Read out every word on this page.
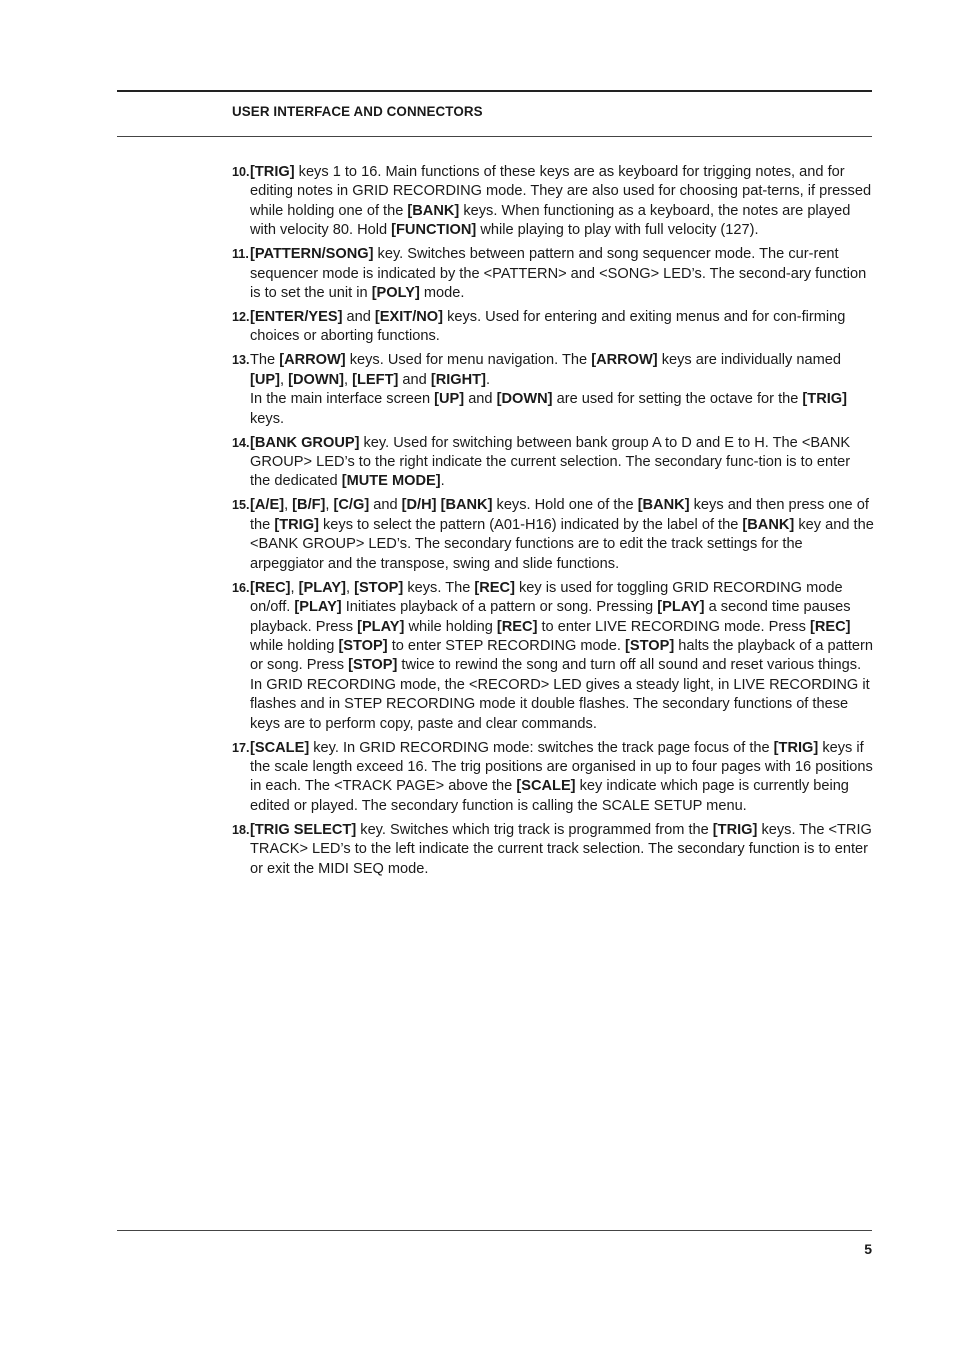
USER INTERFACE AND CONNECTORS
10. [TRIG] keys 1 to 16. Main functions of these keys are as keyboard for trigging notes, and for editing notes in GRID RECORDING mode. They are also used for choosing pat-terns, if pressed while holding one of the [BANK] keys. When functioning as a keyboard, the notes are played with velocity 80. Hold [FUNCTION] while playing to play with full velocity (127).
11. [PATTERN/SONG] key. Switches between pattern and song sequencer mode. The cur-rent sequencer mode is indicated by the <PATTERN> and <SONG> LED’s. The second-ary function is to set the unit in [POLY] mode.
12. [ENTER/YES] and [EXIT/NO] keys. Used for entering and exiting menus and for con-firming choices or aborting functions.
13. The [ARROW] keys. Used for menu navigation. The [ARROW] keys are individually named [UP], [DOWN], [LEFT] and [RIGHT].
In the main interface screen [UP] and [DOWN] are used for setting the octave for the [TRIG] keys.
14. [BANK GROUP] key. Used for switching between bank group A to D and E to H. The <BANK GROUP> LED’s to the right indicate the current selection. The secondary func-tion is to enter the dedicated [MUTE MODE].
15. [A/E], [B/F], [C/G] and [D/H] [BANK] keys. Hold one of the [BANK] keys and then press one of the [TRIG] keys to select the pattern (A01-H16) indicated by the label of the [BANK] key and the <BANK GROUP> LED’s. The secondary functions are to edit the track settings for the arpeggiator and the transpose, swing and slide functions.
16. [REC], [PLAY], [STOP] keys. The [REC] key is used for toggling GRID RECORDING mode on/off. [PLAY] Initiates playback of a pattern or song. Pressing [PLAY] a second time pauses playback. Press [PLAY] while holding [REC] to enter LIVE RECORDING mode. Press [REC] while holding [STOP] to enter STEP RECORDING mode. [STOP] halts the playback of a pattern or song. Press [STOP] twice to rewind the song and turn off all sound and reset various things. In GRID RECORDING mode, the <RECORD> LED gives a steady light, in LIVE RECORDING it flashes and in STEP RECORDING mode it double flashes. The secondary functions of these keys are to perform copy, paste and clear commands.
17. [SCALE] key. In GRID RECORDING mode: switches the track page focus of the [TRIG] keys if the scale length exceed 16. The trig positions are organised in up to four pages with 16 positions in each. The <TRACK PAGE> above the [SCALE] key indicate which page is currently being edited or played. The secondary function is calling the SCALE SETUP menu.
18. [TRIG SELECT] key. Switches which trig track is programmed from the [TRIG] keys. The <TRIG TRACK> LED’s to the left indicate the current track selection. The secondary function is to enter or exit the MIDI SEQ mode.
5
